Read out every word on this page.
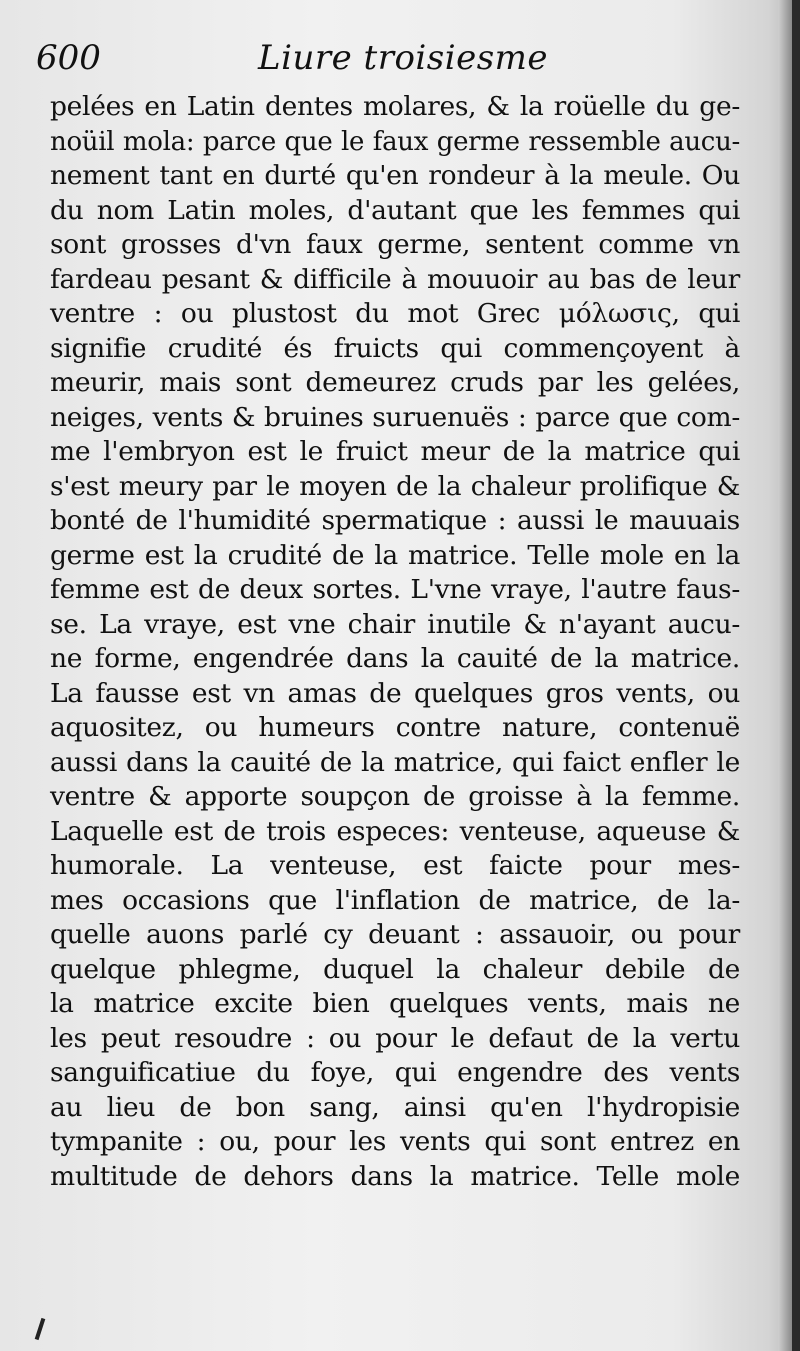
600	Liure troisiesme
pelées en Latin dentes molares, & la roüelle du ge-
noüil mola: parce que le faux germe ressemble aucu-
nement tant en durté qu'en rondeur à la meule. Ou
du nom Latin moles, d'autant que les femmes qui
sont grosses d'vn faux germe, sentent comme vn
fardeau pesant & difficile à mouuoir au bas de leur
ventre : ou plustost du mot Grec μόλωσις, qui
signifie crudité és fruicts qui commençoyent à
meurir, mais sont demeurez cruds par les gelées,
neiges, vents & bruines suruenuës : parce que com-
me l'embryon est le fruict meur de la matrice qui
s'est meury par le moyen de la chaleur prolifique &
bonté de l'humidité spermatique : aussi le mauuais
germe est la crudité de la matrice. Telle mole en la
femme est de deux sortes. L'vne vraye, l'autre faus-
se. La vraye, est vne chair inutile & n'ayant aucu-
ne forme, engendrée dans la cauité de la matrice.
La fausse est vn amas de quelques gros vents, ou
aquositez, ou humeurs contre nature, contenuë
aussi dans la cauité de la matrice, qui faict enfler le
ventre & apporte soupçon de groisse à la femme.
Laquelle est de trois especes: venteuse, aqueuse &
humorale. La venteuse, est faicte pour mes-
mes occasions que l'inflation de matrice, de la-
quelle auons parlé cy deuant : assauoir, ou pour
quelque phlegme, duquel la chaleur debile de
la matrice excite bien quelques vents, mais ne
les peut resoudre : ou pour le defaut de la vertu
sanguificatiue du foye, qui engendre des vents
au lieu de bon sang, ainsi qu'en l'hydropisie
tympanite : ou, pour les vents qui sont entrez en
multitude de dehors dans la matrice. Telle mole
